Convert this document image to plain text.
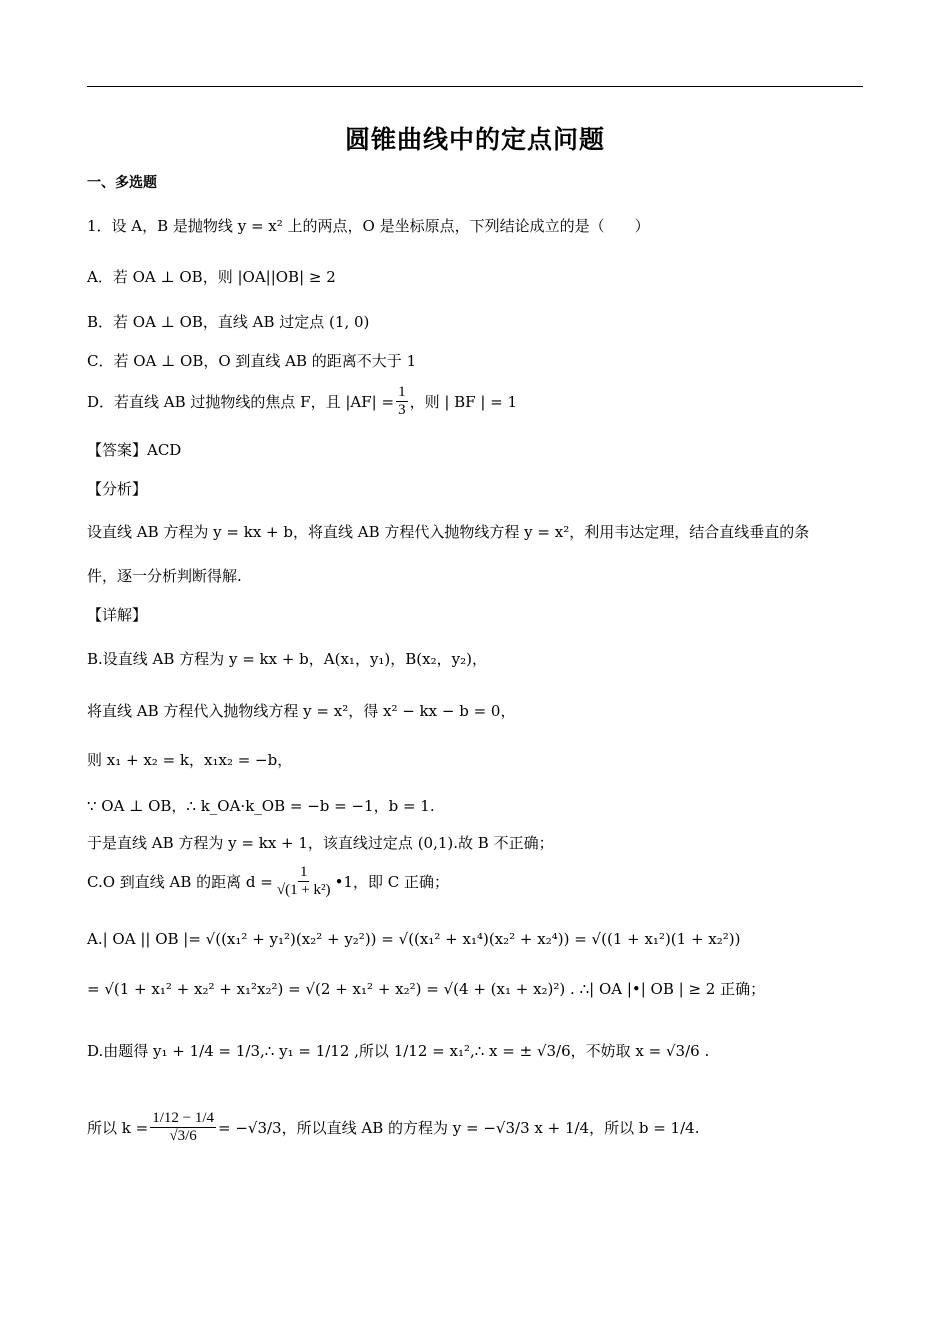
圆锥曲线中的定点问题
一、多选题
1．设 A，B 是抛物线 y = x² 上的两点，O 是坐标原点，下列结论成立的是（　　）
A．若 OA ⊥ OB，则 |OA||OB| ≥ 2
B．若 OA ⊥ OB，直线 AB 过定点 (1, 0)
C．若 OA ⊥ OB，O 到直线 AB 的距离不大于 1
D．若直线 AB 过抛物线的焦点 F，且 $|AF| = \frac{1}{3}$ ，则 | BF | = 1
【答案】ACD
【分析】
设直线 AB 方程为 y = kx + b，将直线 AB 方程代入抛物线方程 y = x²，利用韦达定理，结合直线垂直的条
件，逐一分析判断得解.
【详解】
B.设直线 AB 方程为 y = kx + b，A(x₁，y₁)，B(x₂，y₂)，
将直线 AB 方程代入抛物线方程 y = x²，得 x² − kx − b = 0，
则 x₁ + x₂ = k，x₁x₂ = −b，
∵ OA ⊥ OB，∴ k_OA·k_OB = −b = −1，b = 1.
于是直线 AB 方程为 y = kx + 1，该直线过定点 (0,1).故 B 不正确；
C.O 到直线 AB 的距离 $d = \frac{1}{\text{√(1 + k²)}}$ •1，即 C 正确；
A.| OA || OB |= √((x₁² + y₁²)(x₂² + y₂²)) = √((x₁² + x₁⁴)(x₂² + x₂⁴)) = √((1 + x₁²)(1 + x₂²))
= √(1 + x₁² + x₂² + x₁²x₂²) = √(2 + x₁² + x₂²) = √(4 + (x₁ + x₂)²) . ∴| OA |•| OB | ≥ 2 正确；
D.由题得 y₁ + 1/4 = 1/3,∴ y₁ = 1/12 ,所以 1/12 = x₁²,∴ x = ± √3/6，不妨取 x = √3/6 .
所以 $k = \frac{1/12 - 1/4}{√3/6} = -√3/3$，所以直线 AB 的方程为 y = −√3/3 x + 1/4，所以 b = 1/4.
